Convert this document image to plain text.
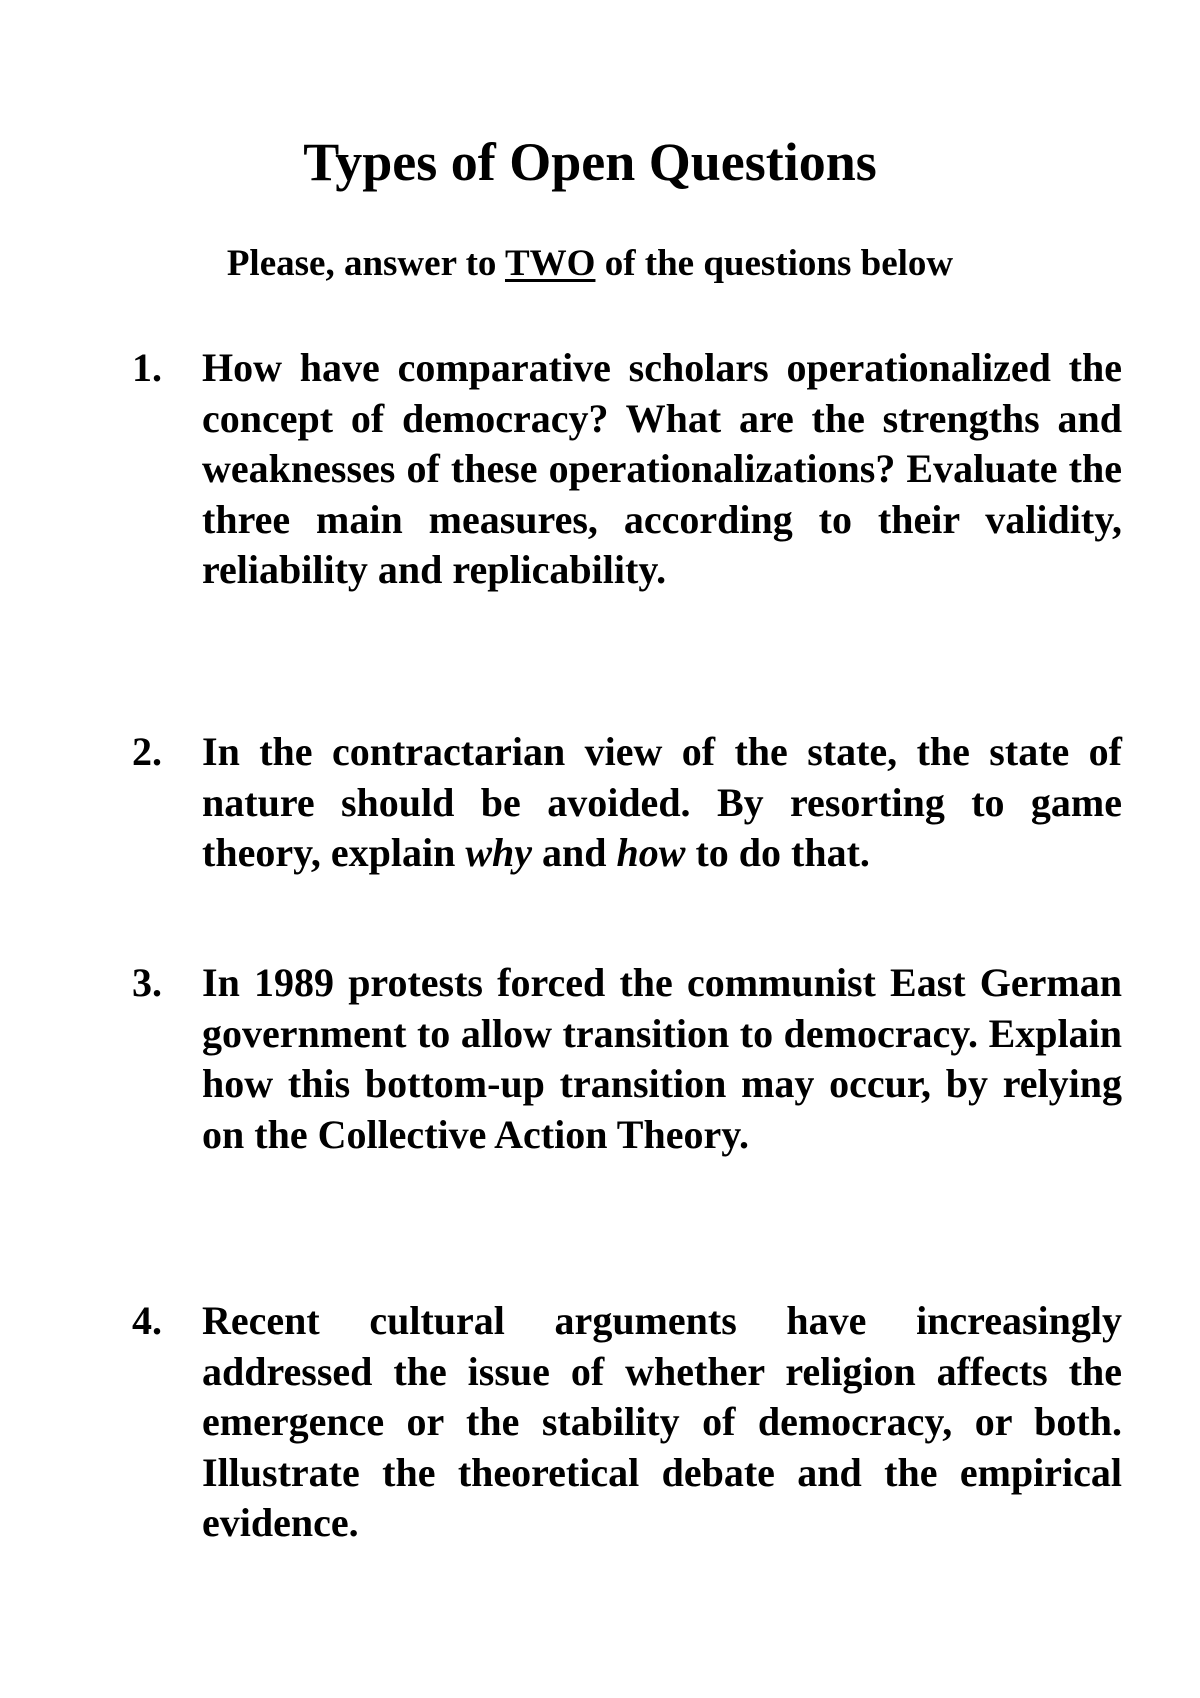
Types of Open Questions
Please, answer to TWO of the questions below
1. How have comparative scholars operationalized the concept of democracy? What are the strengths and weaknesses of these operationalizations? Evaluate the three main measures, according to their validity, reliability and replicability.
2. In the contractarian view of the state, the state of nature should be avoided. By resorting to game theory, explain why and how to do that.
3. In 1989 protests forced the communist East German government to allow transition to democracy. Explain how this bottom-up transition may occur, by relying on the Collective Action Theory.
4. Recent cultural arguments have increasingly addressed the issue of whether religion affects the emergence or the stability of democracy, or both. Illustrate the theoretical debate and the empirical evidence.
